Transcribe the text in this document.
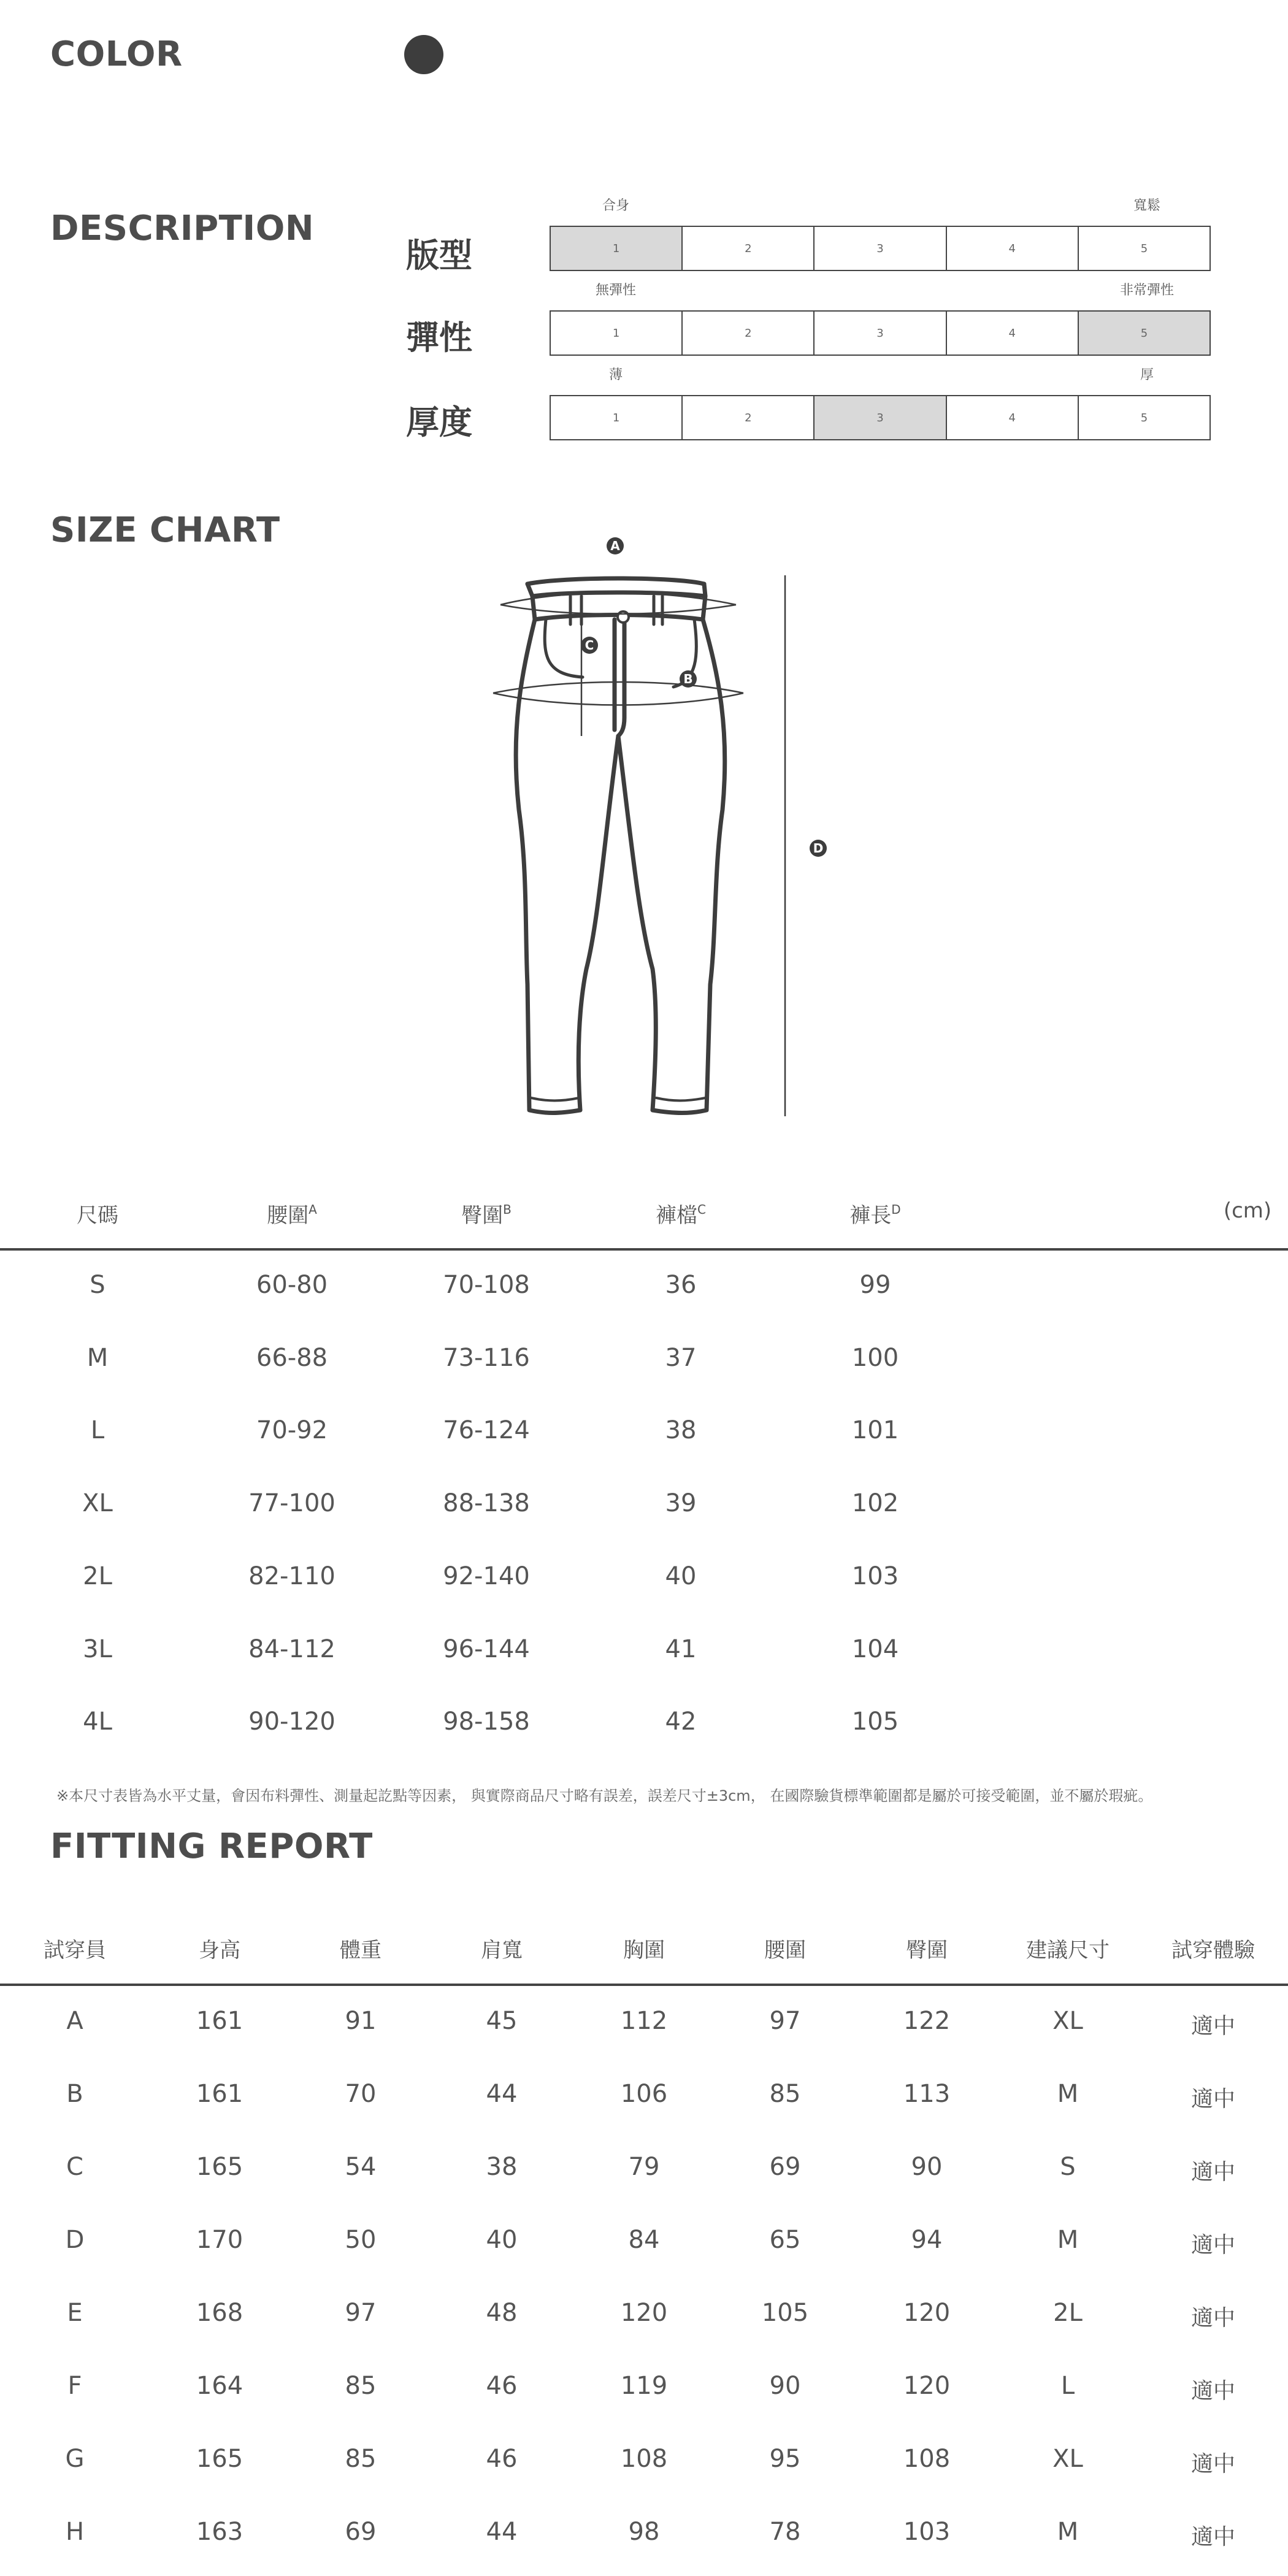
COLOR
DESCRIPTION
合身	寬鬆
版型	1	2	3	4	5
無彈性	非常彈性
彈性	1	2	3	4	5
薄	厚
厚度	1	2	3	4	5
SIZE CHART	A
B
C
D
尺碼	腰圍$^A$	臀圍$^B$	褲檔$^C$	褲長$^D$	(cm)
S	60-80	70-108	36	99
M	66-88	73-116	37	100
L	70-92	76-124	38	101
XL	77-100	88-138	39	102
2L	82-110	92-140	40	103
3L	84-112	96-144	41	104
4L	90-120	98-158	42	105
※本尺寸表皆為水平丈量，會因布料彈性、測量起訖點等因素， 與實際商品尺寸略有誤差，誤差尺寸±3cm， 在國際驗貨標準範圍都是屬於可接受範圍，並不屬於瑕疵。
FITTING REPORT
試穿員	身高	體重	肩寬	胸圍	腰圍	臀圍	建議尺寸	試穿體驗
A	161	91	45	112	97	122	XL	適中
B	161	70	44	106	85	113	M	適中
C	165	54	38	79	69	90	S	適中
D	170	50	40	84	65	94	M	適中
E	168	97	48	120	105	120	2L	適中
F	164	85	46	119	90	120	L	適中
G	165	85	46	108	95	108	XL	適中
H	163	69	44	98	78	103	M	適中
